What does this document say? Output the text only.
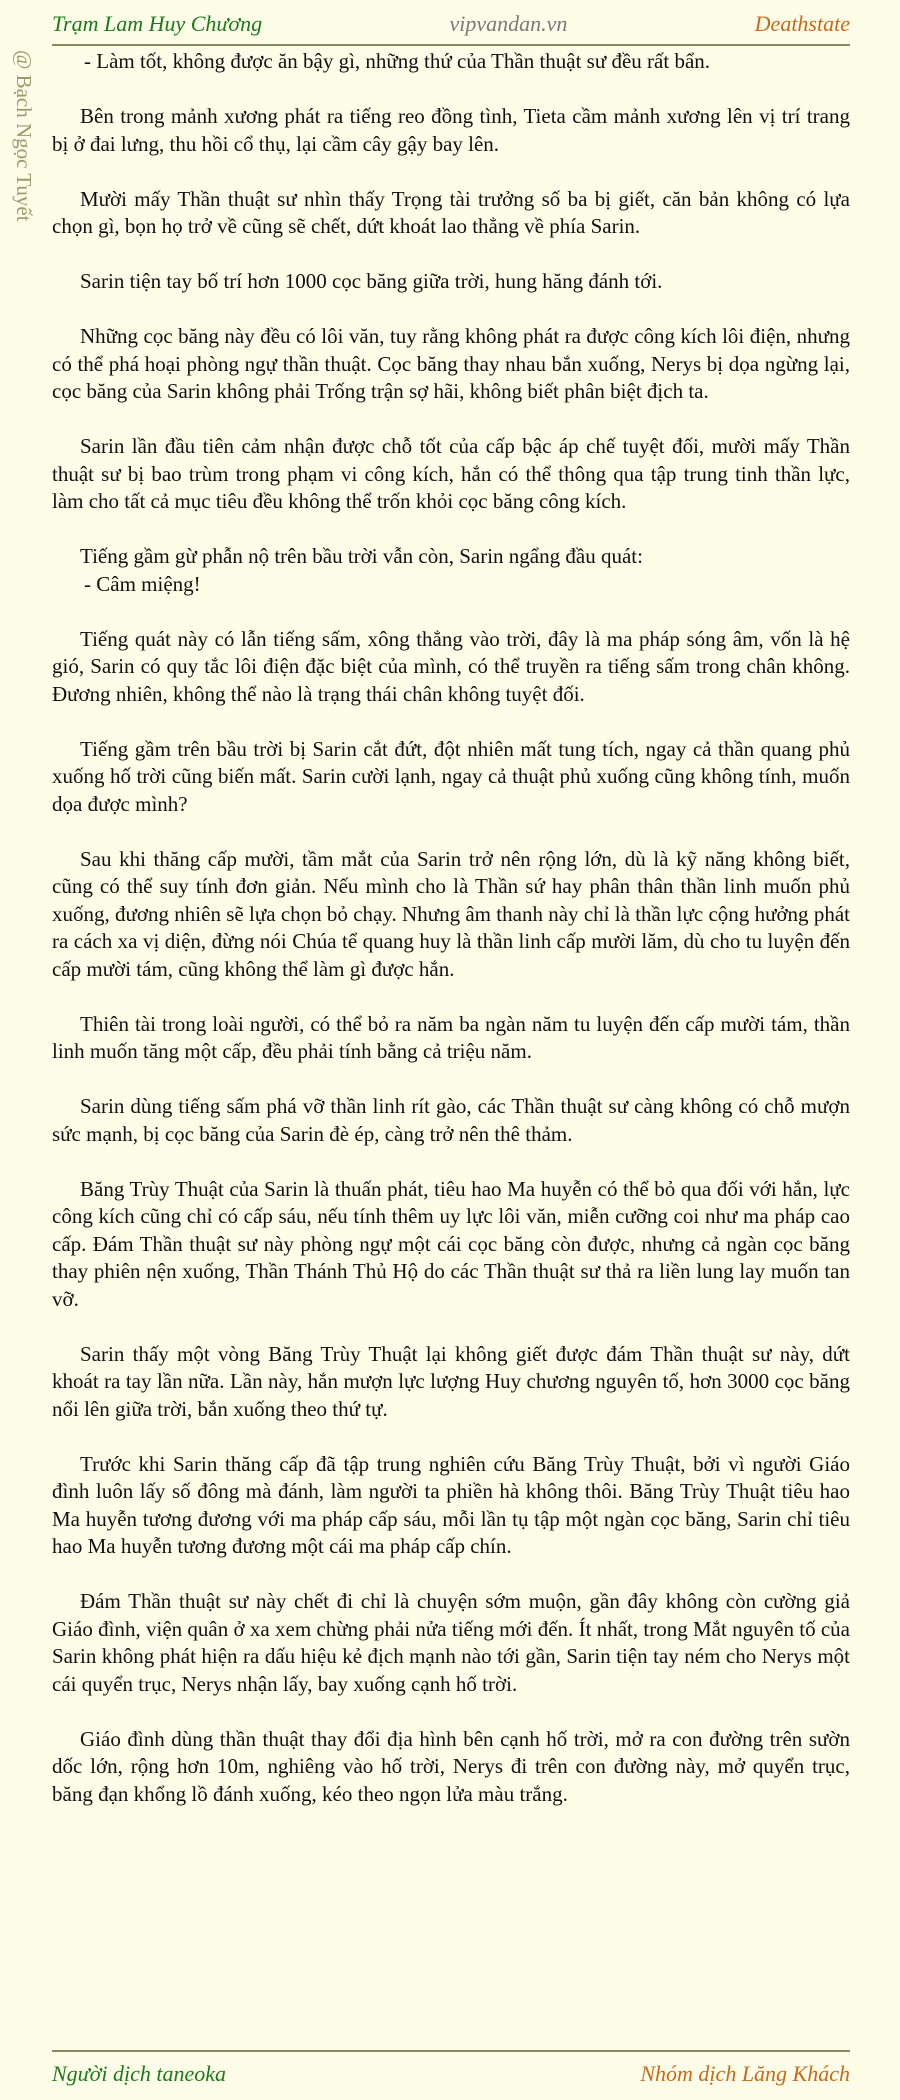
Trạm Lam Huy Chương	vipvandan.vn	Deathstate
@ Bạch Ngọc Tuyết	- Làm tốt, không được ăn bậy gì, những thứ của Thần thuật sư đều rất bẩn.

Bên trong mảnh xương phát ra tiếng reo đồng tình, Tieta cầm mảnh xương lên vị trí trang bị ở đai lưng, thu hồi cổ thụ, lại cầm cây gậy bay lên.

Mười mấy Thần thuật sư nhìn thấy Trọng tài trưởng số ba bị giết, căn bản không có lựa chọn gì, bọn họ trở về cũng sẽ chết, dứt khoát lao thẳng về phía Sarin.

Sarin tiện tay bố trí hơn 1000 cọc băng giữa trời, hung hăng đánh tới.

Những cọc băng này đều có lôi văn, tuy rằng không phát ra được công kích lôi điện, nhưng có thể phá hoại phòng ngự thần thuật. Cọc băng thay nhau bắn xuống, Nerys bị dọa ngừng lại, cọc băng của Sarin không phải Trống trận sợ hãi, không biết phân biệt địch ta.

Sarin lần đầu tiên cảm nhận được chỗ tốt của cấp bậc áp chế tuyệt đối, mười mấy Thần thuật sư bị bao trùm trong phạm vi công kích, hắn có thể thông qua tập trung tinh thần lực, làm cho tất cả mục tiêu đều không thể trốn khỏi cọc băng công kích.

Tiếng gầm gừ phẫn nộ trên bầu trời vẫn còn, Sarin ngẩng đầu quát:

- Câm miệng!

Tiếng quát này có lẫn tiếng sấm, xông thẳng vào trời, đây là ma pháp sóng âm, vốn là hệ gió, Sarin có quy tắc lôi điện đặc biệt của mình, có thể truyền ra tiếng sấm trong chân không. Đương nhiên, không thể nào là trạng thái chân không tuyệt đối.

Tiếng gầm trên bầu trời bị Sarin cắt đứt, đột nhiên mất tung tích, ngay cả thần quang phủ xuống hố trời cũng biến mất. Sarin cười lạnh, ngay cả thuật phủ xuống cũng không tính, muốn dọa được mình?

Sau khi thăng cấp mười, tầm mắt của Sarin trở nên rộng lớn, dù là kỹ năng không biết, cũng có thể suy tính đơn giản. Nếu mình cho là Thần sứ hay phân thân thần linh muốn phủ xuống, đương nhiên sẽ lựa chọn bỏ chạy. Nhưng âm thanh này chỉ là thần lực cộng hưởng phát ra cách xa vị diện, đừng nói Chúa tể quang huy là thần linh cấp mười lăm, dù cho tu luyện đến cấp mười tám, cũng không thể làm gì được hắn.

Thiên tài trong loài người, có thể bỏ ra năm ba ngàn năm tu luyện đến cấp mười tám, thần linh muốn tăng một cấp, đều phải tính bằng cả triệu năm.

Sarin dùng tiếng sấm phá vỡ thần linh rít gào, các Thần thuật sư càng không có chỗ mượn sức mạnh, bị cọc băng của Sarin đè ép, càng trở nên thê thảm.

Băng Trùy Thuật của Sarin là thuấn phát, tiêu hao Ma huyễn có thể bỏ qua đối với hắn, lực công kích cũng chỉ có cấp sáu, nếu tính thêm uy lực lôi văn, miễn cưỡng coi như ma pháp cao cấp. Đám Thần thuật sư này phòng ngự một cái cọc băng còn được, nhưng cả ngàn cọc băng thay phiên nện xuống, Thần Thánh Thủ Hộ do các Thần thuật sư thả ra liền lung lay muốn tan vỡ.

Sarin thấy một vòng Băng Trùy Thuật lại không giết được đám Thần thuật sư này, dứt khoát ra tay lần nữa. Lần này, hắn mượn lực lượng Huy chương nguyên tố, hơn 3000 cọc băng nổi lên giữa trời, bắn xuống theo thứ tự.

Trước khi Sarin thăng cấp đã tập trung nghiên cứu Băng Trùy Thuật, bởi vì người Giáo đình luôn lấy số đông mà đánh, làm người ta phiền hà không thôi. Băng Trùy Thuật tiêu hao Ma huyễn tương đương với ma pháp cấp sáu, mỗi lần tụ tập một ngàn cọc băng, Sarin chỉ tiêu hao Ma huyễn tương đương một cái ma pháp cấp chín.

Đám Thần thuật sư này chết đi chỉ là chuyện sớm muộn, gần đây không còn cường giả Giáo đình, viện quân ở xa xem chừng phải nửa tiếng mới đến. Ít nhất, trong Mắt nguyên tố của Sarin không phát hiện ra dấu hiệu kẻ địch mạnh nào tới gần, Sarin tiện tay ném cho Nerys một cái quyển trục, Nerys nhận lấy, bay xuống cạnh hố trời.

Giáo đình dùng thần thuật thay đổi địa hình bên cạnh hố trời, mở ra con đường trên sườn dốc lớn, rộng hơn 10m, nghiêng vào hố trời, Nerys đi trên con đường này, mở quyển trục, băng đạn khổng lồ đánh xuống, kéo theo ngọn lửa màu trắng.

Người dịch taneoka	Nhóm dịch Lăng Khách
